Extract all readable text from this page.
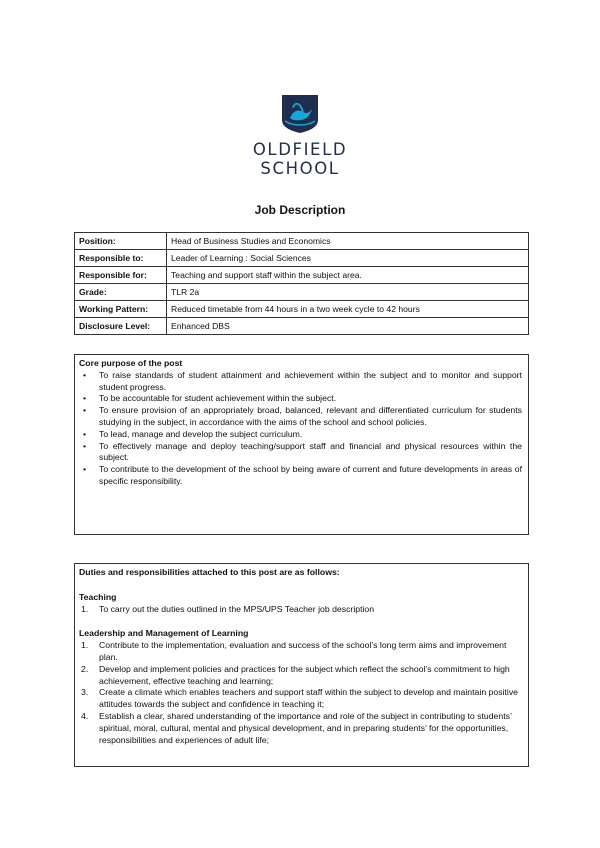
OLDFIELD
SCHOOL
Job Description
Position:	Head of Business Studies and Economics
Responsible to:	Leader of Learning : Social Sciences
Responsible for:	Teaching and support staff within the subject area.
Grade:	TLR 2a
Working Pattern:	Reduced timetable from 44 hours in a two week cycle to 42 hours
Disclosure Level:	Enhanced DBS
Core purpose of the post
• To raise standards of student attainment and achievement within the subject and to monitor and support student progress.
• To be accountable for student achievement within the subject.
• To ensure provision of an appropriately broad, balanced, relevant and differentiated curriculum for students studying in the subject, in accordance with the aims of the school and school policies.
• To lead, manage and develop the subject curriculum.
• To effectively manage and deploy teaching/support staff and financial and physical resources within the subject.
• To contribute to the development of the school by being aware of current and future developments in areas of specific responsibility.
Duties and responsibilities attached to this post are as follows:
Teaching
1. To carry out the duties outlined in the MPS/UPS Teacher job description
Leadership and Management of Learning
1. Contribute to the implementation, evaluation and success of the school’s long term aims and improvement plan.
2. Develop and implement policies and practices for the subject which reflect the school’s commitment to high achievement, effective teaching and learning;
3. Create a climate which enables teachers and support staff within the subject to develop and maintain positive attitudes towards the subject and confidence in teaching it;
4. Establish a clear, shared understanding of the importance and role of the subject in contributing to students’ spiritual, moral, cultural, mental and physical development, and in preparing students’ for the opportunities, responsibilities and experiences of adult life;
